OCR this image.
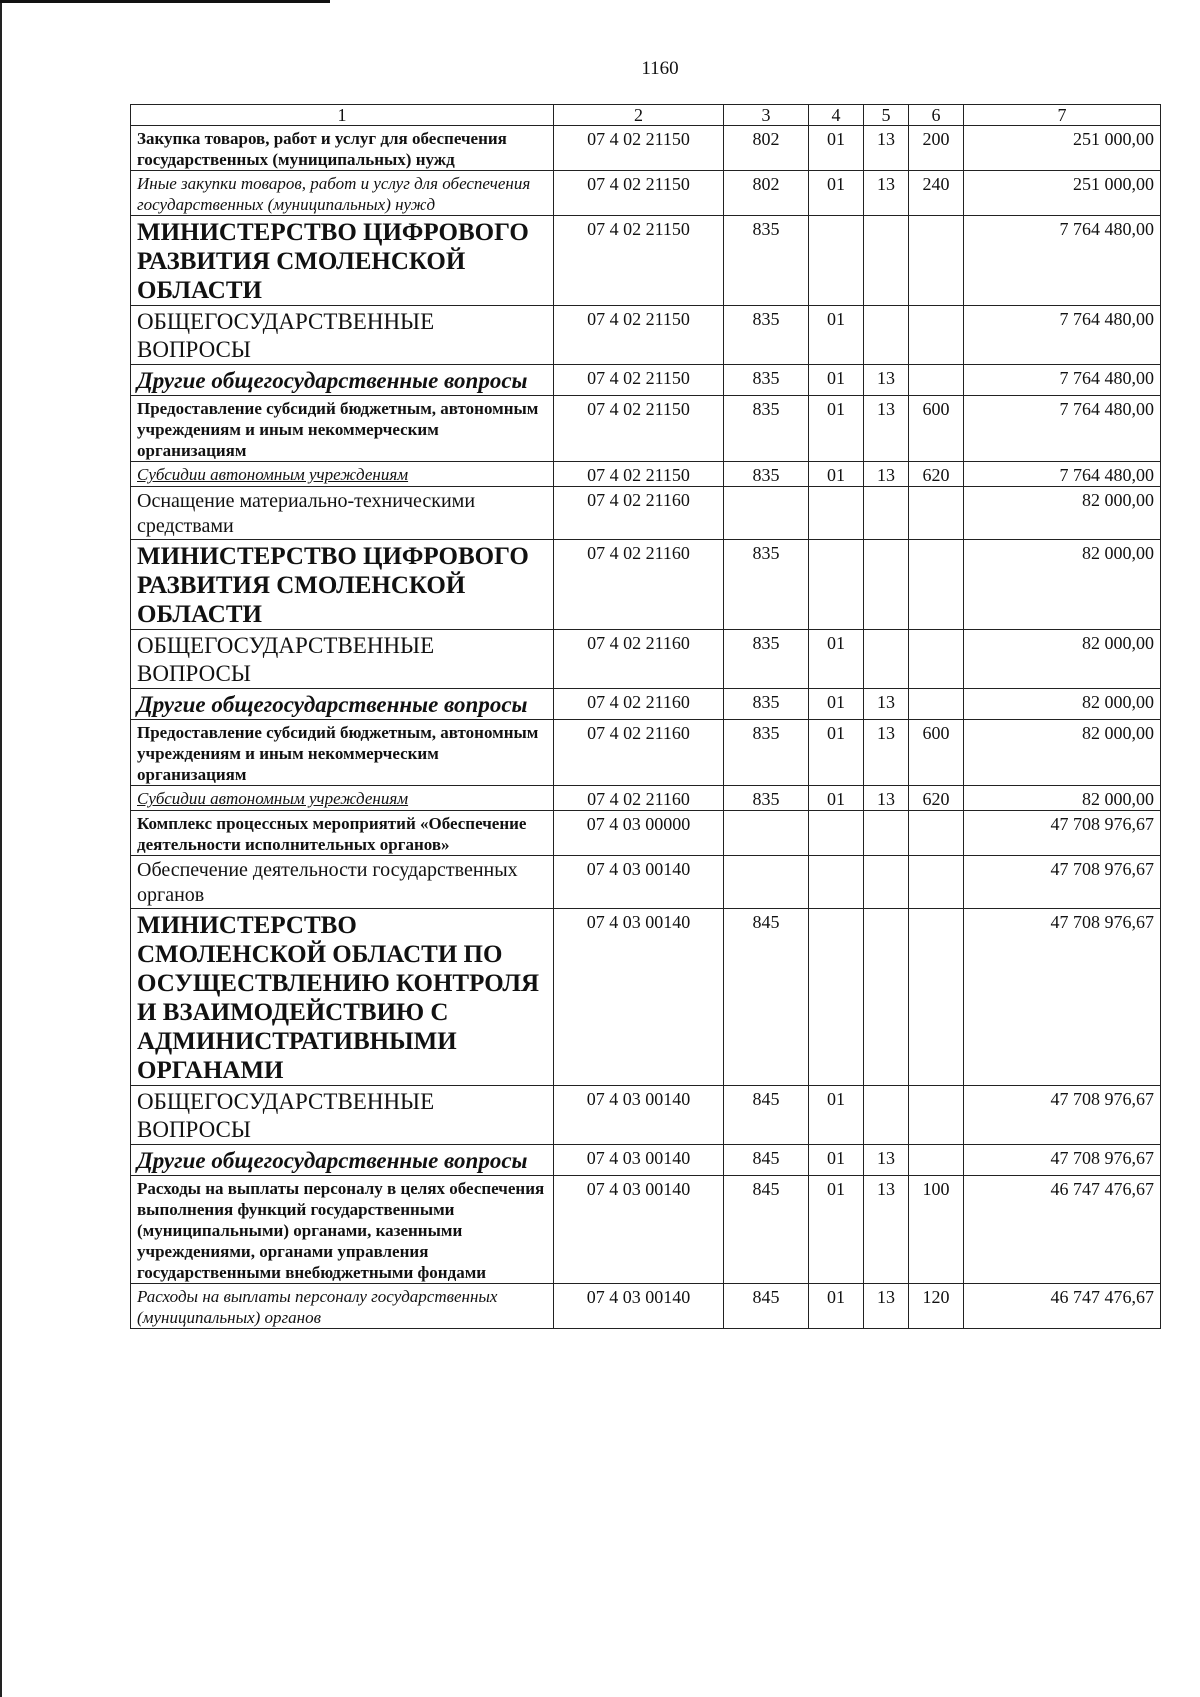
1160
1	2	3	4	5	6	7
Закупка товаров, работ и услуг для обеспечения государственных (муниципальных) нужд	07 4 02 21150	802	01	13	200	251 000,00
Иные закупки товаров, работ и услуг для обеспечения государственных (муниципальных) нужд	07 4 02 21150	802	01	13	240	251 000,00
МИНИСТЕРСТВО ЦИФРОВОГО РАЗВИТИЯ СМОЛЕНСКОЙ ОБЛАСТИ	07 4 02 21150	835				7 764 480,00
ОБЩЕГОСУДАРСТВЕННЫЕ ВОПРОСЫ	07 4 02 21150	835	01			7 764 480,00
Другие общегосударственные вопросы	07 4 02 21150	835	01	13		7 764 480,00
Предоставление субсидий бюджетным, автономным учреждениям и иным некоммерческим организациям	07 4 02 21150	835	01	13	600	7 764 480,00
Субсидии автономным учреждениям	07 4 02 21150	835	01	13	620	7 764 480,00
Оснащение материально-техническими средствами	07 4 02 21160					82 000,00
МИНИСТЕРСТВО ЦИФРОВОГО РАЗВИТИЯ СМОЛЕНСКОЙ ОБЛАСТИ	07 4 02 21160	835				82 000,00
ОБЩЕГОСУДАРСТВЕННЫЕ ВОПРОСЫ	07 4 02 21160	835	01			82 000,00
Другие общегосударственные вопросы	07 4 02 21160	835	01	13		82 000,00
Предоставление субсидий бюджетным, автономным учреждениям и иным некоммерческим организациям	07 4 02 21160	835	01	13	600	82 000,00
Субсидии автономным учреждениям	07 4 02 21160	835	01	13	620	82 000,00
Комплекс процессных мероприятий «Обеспечение деятельности исполнительных органов»	07 4 03 00000					47 708 976,67
Обеспечение деятельности государственных органов	07 4 03 00140					47 708 976,67
МИНИСТЕРСТВО СМОЛЕНСКОЙ ОБЛАСТИ ПО ОСУЩЕСТВЛЕНИЮ КОНТРОЛЯ И ВЗАИМОДЕЙСТВИЮ С АДМИНИСТРАТИВНЫМИ ОРГАНАМИ	07 4 03 00140	845				47 708 976,67
ОБЩЕГОСУДАРСТВЕННЫЕ ВОПРОСЫ	07 4 03 00140	845	01			47 708 976,67
Другие общегосударственные вопросы	07 4 03 00140	845	01	13		47 708 976,67
Расходы на выплаты персоналу в целях обеспечения выполнения функций государственными (муниципальными) органами, казенными учреждениями, органами управления государственными внебюджетными фондами	07 4 03 00140	845	01	13	100	46 747 476,67
Расходы на выплаты персоналу государственных (муниципальных) органов	07 4 03 00140	845	01	13	120	46 747 476,67
